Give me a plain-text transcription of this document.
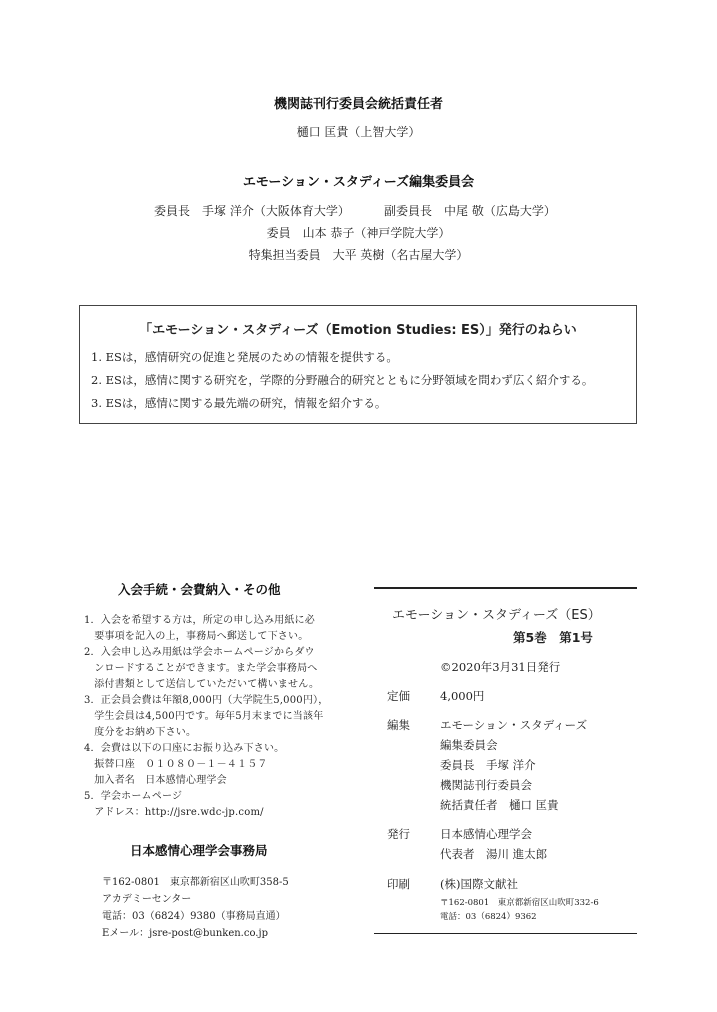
機関誌刊行委員会統括責任者
樋口 匡貴（上智大学）
エモーション・スタディーズ編集委員会
委員長　手塚 洋介（大阪体育大学）	副委員長　中尾 敬（広島大学）
委員　山本 恭子（神戸学院大学）
特集担当委員　大平 英樹（名古屋大学）
「エモーション・スタディーズ（Emotion Studies: ES）」発行のねらい
1. ESは，感情研究の促進と発展のための情報を提供する。
2. ESは，感情に関する研究を，学際的分野融合的研究とともに分野領域を問わず広く紹介する。
3. ESは，感情に関する最先端の研究，情報を紹介する。
入会手続・会費納入・その他
1．入会を希望する方は，所定の申し込み用紙に必
　要事項を記入の上，事務局へ郵送して下さい。
2．入会申し込み用紙は学会ホームページからダウ
　ンロードすることができます。また学会事務局へ
　添付書類として送信していただいて構いません。
3．正会員会費は年額8,000円（大学院生5,000円），
　学生会員は4,500円です。毎年5月末までに当該年
　度分をお納め下さい。
4．会費は以下の口座にお振り込み下さい。
　振替口座　０１０８０－１－４１５７
　加入者名　日本感情心理学会
5．学会ホームページ
　アドレス：http://jsre.wdc-jp.com/
日本感情心理学会事務局
〒162-0801　東京都新宿区山吹町358-5
アカデミーセンター
電話：03（6824）9380（事務局直通）
Eメール：jsre-post@bunken.co.jp
エモーション・スタディーズ（ES）
第5巻　第1号
©2020年3月31日発行
定価	4,000円
編集	エモーション・スタディーズ
編集委員会
委員長　手塚 洋介
機関誌刊行委員会
統括責任者　樋口 匡貴
発行	日本感情心理学会
代表者　湯川 進太郎
印刷	(株)国際文献社
〒162-0801　東京都新宿区山吹町332-6
電話：03（6824）9362
